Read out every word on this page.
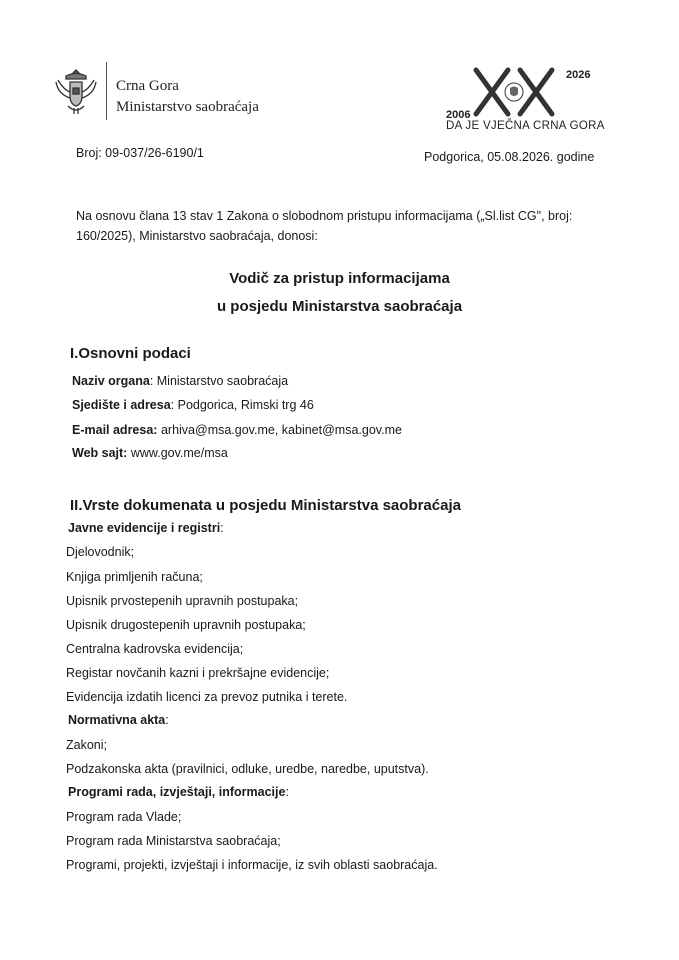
Crna Gora
Ministarstvo saobraćaja
2026
2006
DA JE VJEČNA CRNA GORA
Broj: 09-037/26-6190/1	Podgorica, 05.08.2026. godine
Na osnovu člana 13 stav 1 Zakona o slobodnom pristupu informacijama („Sl.list CG", broj: 160/2025), Ministarstvo saobraćaja, donosi:
Vodič za pristup informacijama
u posjedu Ministarstva saobraćaja
I.Osnovni podaci
Naziv organa: Ministarstvo saobraćaja
Sjedište i adresa: Podgorica, Rimski trg 46
E-mail adresa: arhiva@msa.gov.me, kabinet@msa.gov.me
Web sajt: www.gov.me/msa
II.Vrste dokumenata u posjedu Ministarstva saobraćaja
Javne evidencije i registri:
Djelovodnik;
Knjiga primljenih računa;
Upisnik prvostepenih upravnih postupaka;
Upisnik drugostepenih upravnih postupaka;
Centralna kadrovska evidencija;
Registar novčanih kazni i prekršajne evidencije;
Evidencija izdatih licenci za prevoz putnika i terete.
Normativna akta:
Zakoni;
Podzakonska akta (pravilnici, odluke, uredbe, naredbe, uputstva).
Programi rada, izvještaji, informacije:
Program rada Vlade;
Program rada Ministarstva saobraćaja;
Programi, projekti, izvještaji i informacije, iz svih oblasti saobraćaja.
